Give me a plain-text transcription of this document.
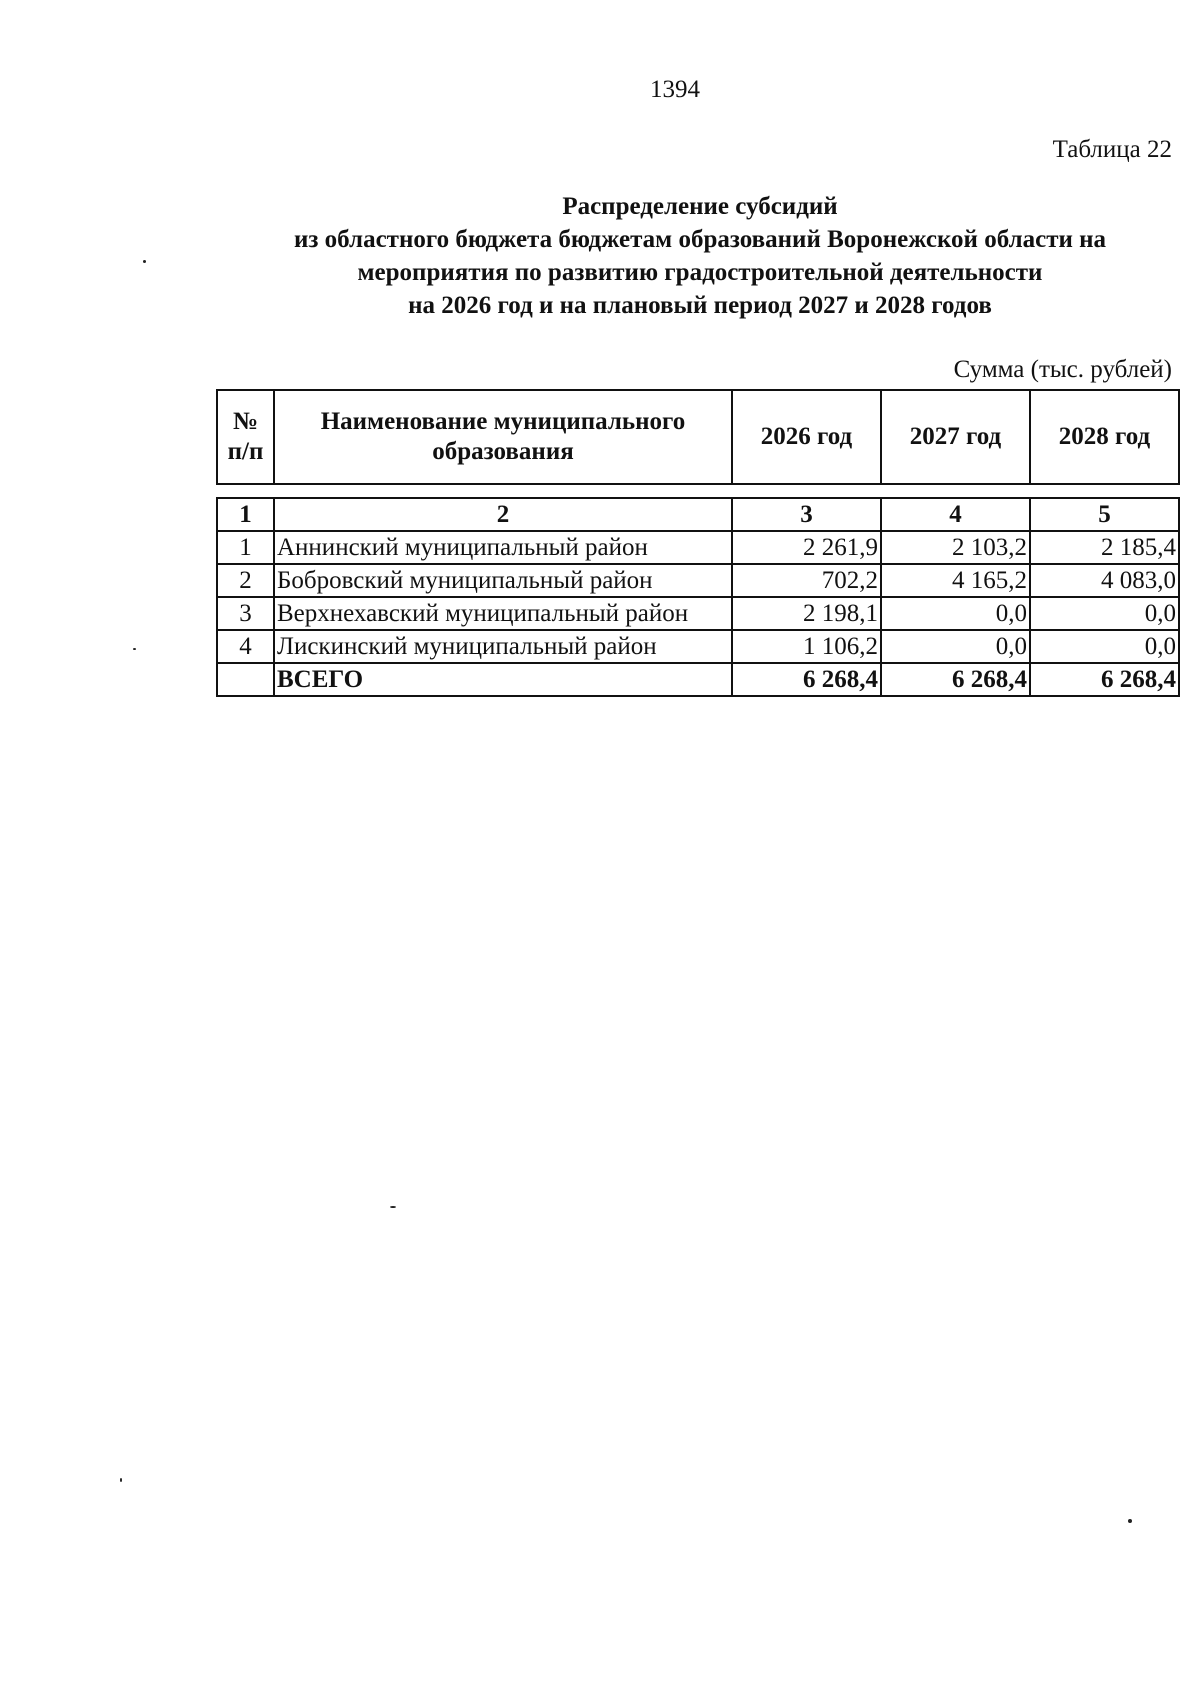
1394
Таблица 22
Распределение субсидий
из областного бюджета бюджетам образований Воронежской области на
мероприятия по развитию градостроительной деятельности
на 2026 год и на плановый период 2027 и 2028 годов
Сумма (тыс. рублей)
№ п/п	Наименование муниципального образования	2026 год	2027 год	2028 год
1	2	3	4	5
1	Аннинский муниципальный район	2 261,9	2 103,2	2 185,4
2	Бобровский муниципальный район	702,2	4 165,2	4 083,0
3	Верхнехавский муниципальный район	2 198,1	0,0	0,0
4	Лискинский муниципальный район	1 106,2	0,0	0,0
	ВСЕГО	6 268,4	6 268,4	6 268,4
